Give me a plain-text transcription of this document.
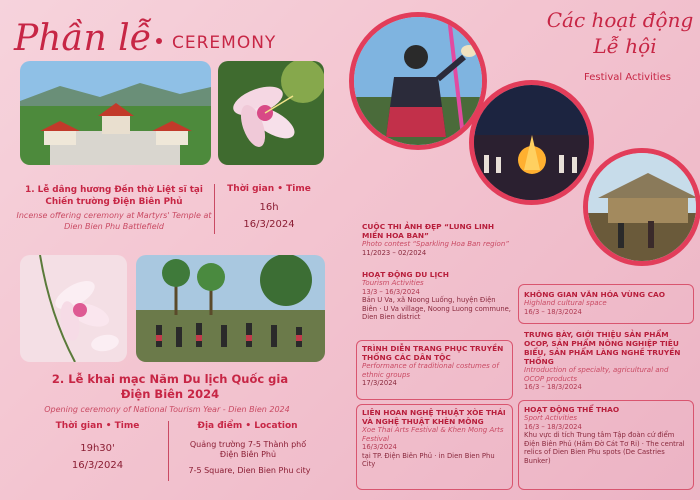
Phần lễ CEREMONY
1. Lễ dâng hương Đền thờ Liệt sĩ tại Chiến trường Điện Biên Phủ
Incense offering ceremony at Martyrs' Temple at Dien Bien Phu Battlefield
Thời gian • Time
16h
16/3/2024
2. Lễ khai mạc Năm Du lịch Quốc gia Điện Biên 2024
Opening ceremony of National Tourism Year - Dien Bien 2024
Thời gian • Time
19h30'
16/3/2024
Địa điểm • Location
Quảng trường 7-5 Thành phố Điện Biên Phủ
7-5 Square, Dien Bien Phu city
Các hoạt động
Lễ hội
Festival Activities
CUỘC THI ẢNH ĐẸP “LUNG LINH MIỀN HOA BAN”
Photo contest “Sparkling Hoa Ban region”
11/2023 – 02/2024
HOẠT ĐỘNG DU LỊCH
Tourism Activities
13/3 – 16/3/2024
Bản U Va, xã Noong Luống, huyện Điện Biên · U Va village, Noong Luong commune, Dien Bien district
TRÌNH DIỄN TRANG PHỤC TRUYỀN THỐNG CÁC DÂN TỘC
Performance of traditional costumes of ethnic groups
17/3/2024
LIÊN HOAN NGHỆ THUẬT XÒE THÁI VÀ NGHỆ THUẬT KHÈN MÔNG
Xoe Thai Arts Festival & Khen Mong Arts Festival
16/3/2024
tại TP. Điện Biên Phủ · in Dien Bien Phu City
KHÔNG GIAN VĂN HÓA VÙNG CAO
Highland cultural space
16/3 – 18/3/2024
TRƯNG BÀY, GIỚI THIỆU SẢN PHẨM OCOP, SẢN PHẨM NÔNG NGHIỆP TIÊU BIỂU, SẢN PHẨM LÀNG NGHỀ TRUYỀN THỐNG
Introduction of specialty, agricultural and OCOP products
16/3 – 18/3/2024
HOẠT ĐỘNG THỂ THAO
Sport Activities
16/3 – 18/3/2024
Khu vực di tích Trung tâm Tập đoàn cứ điểm Điện Biên Phủ (Hầm Đờ Cát Tơ Ri) · The central relics of Dien Bien Phu spots (De Castries Bunker)
